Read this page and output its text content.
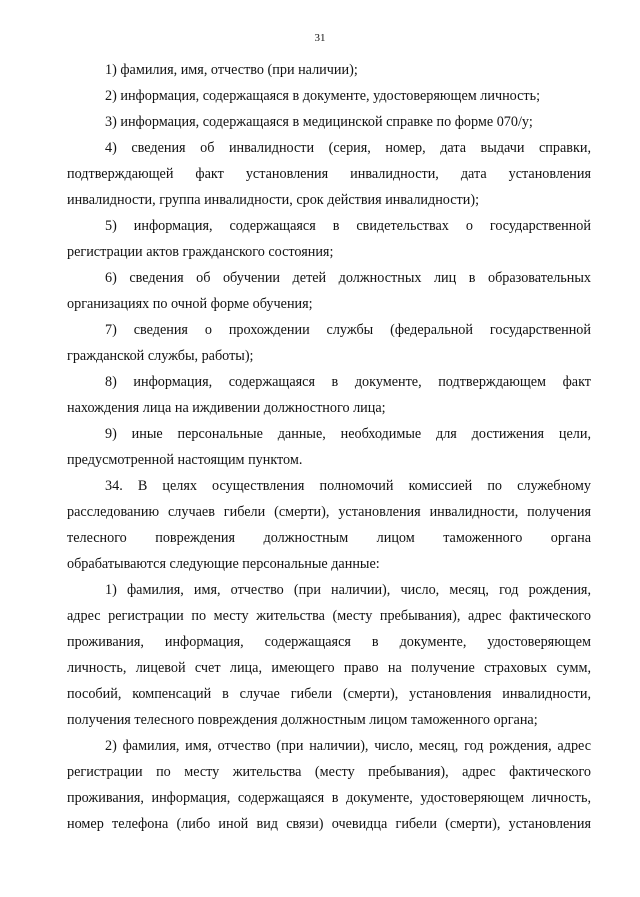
31
1) фамилия, имя, отчество (при наличии);
2) информация, содержащаяся в документе, удостоверяющем личность;
3) информация, содержащаяся в медицинской справке по форме 070/у;
4) сведения об инвалидности (серия, номер, дата выдачи справки,
подтверждающей факт установления инвалидности, дата установления
инвалидности, группа инвалидности, срок действия инвалидности);
5) информация, содержащаяся в свидетельствах о государственной
регистрации актов гражданского состояния;
6) сведения об обучении детей должностных лиц в образовательных
организациях по очной форме обучения;
7) сведения о прохождении службы (федеральной государственной
гражданской службы, работы);
8) информация, содержащаяся в документе, подтверждающем факт
нахождения лица на иждивении должностного лица;
9) иные персональные данные, необходимые для достижения цели,
предусмотренной настоящим пунктом.
34. В целях осуществления полномочий комиссией по служебному
расследованию случаев гибели (смерти), установления инвалидности, получения
телесного повреждения должностным лицом таможенного органа
обрабатываются следующие персональные данные:
1) фамилия, имя, отчество (при наличии), число, месяц, год рождения,
адрес регистрации по месту жительства (месту пребывания), адрес фактического
проживания, информация, содержащаяся в документе, удостоверяющем
личность, лицевой счет лица, имеющего право на получение страховых сумм,
пособий, компенсаций в случае гибели (смерти), установления инвалидности,
получения телесного повреждения должностным лицом таможенного органа;
2) фамилия, имя, отчество (при наличии), число, месяц, год рождения, адрес
регистрации по месту жительства (месту пребывания), адрес фактического
проживания, информация, содержащаяся в документе, удостоверяющем личность,
номер телефона (либо иной вид связи) очевидца гибели (смерти), установления
